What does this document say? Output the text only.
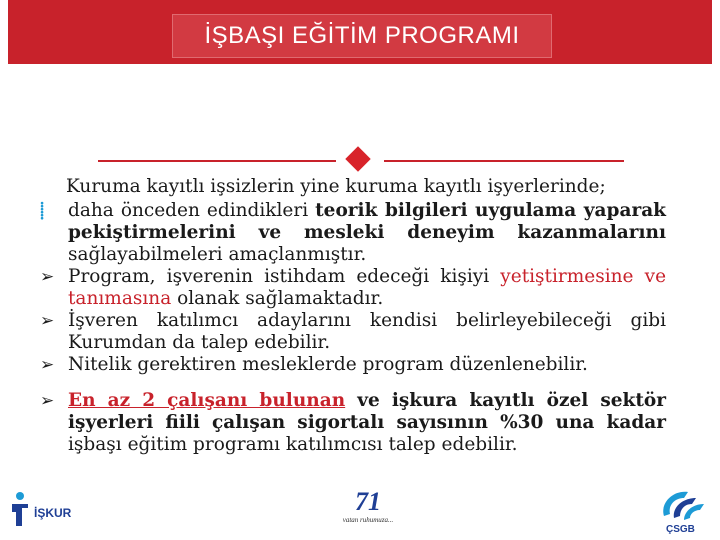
İŞBAŞI EĞİTİM PROGRAMI

Kuruma kayıtlı işsizlerin yine kuruma kayıtlı işyerlerinde;

⸽	daha önceden edindikleri teorik bilgileri uygulama yaparak pekiştirmelerini ve mesleki deneyim kazanmalarını sağlayabilmeleri amaçlanmıştır.

➢ Program, işverenin istihdam edeceği kişiyi yetiştirmesine ve tanımasına olanak sağlamaktadır.

➢ İşveren katılımcı adaylarını kendisi belirleyebileceği gibi Kurumdan da talep edebilir.

➢ Nitelik gerektiren mesleklerde program düzenlenebilir.

➢ En az 2 çalışanı bulunan ve işkura kayıtlı özel sektör işyerleri fiili çalışan sigortalı sayısının %30 una kadar işbaşı eğitim programı katılımcısı talep edebilir.

İŞKUR	71
vatan ruhumuza...
ÇSGB
